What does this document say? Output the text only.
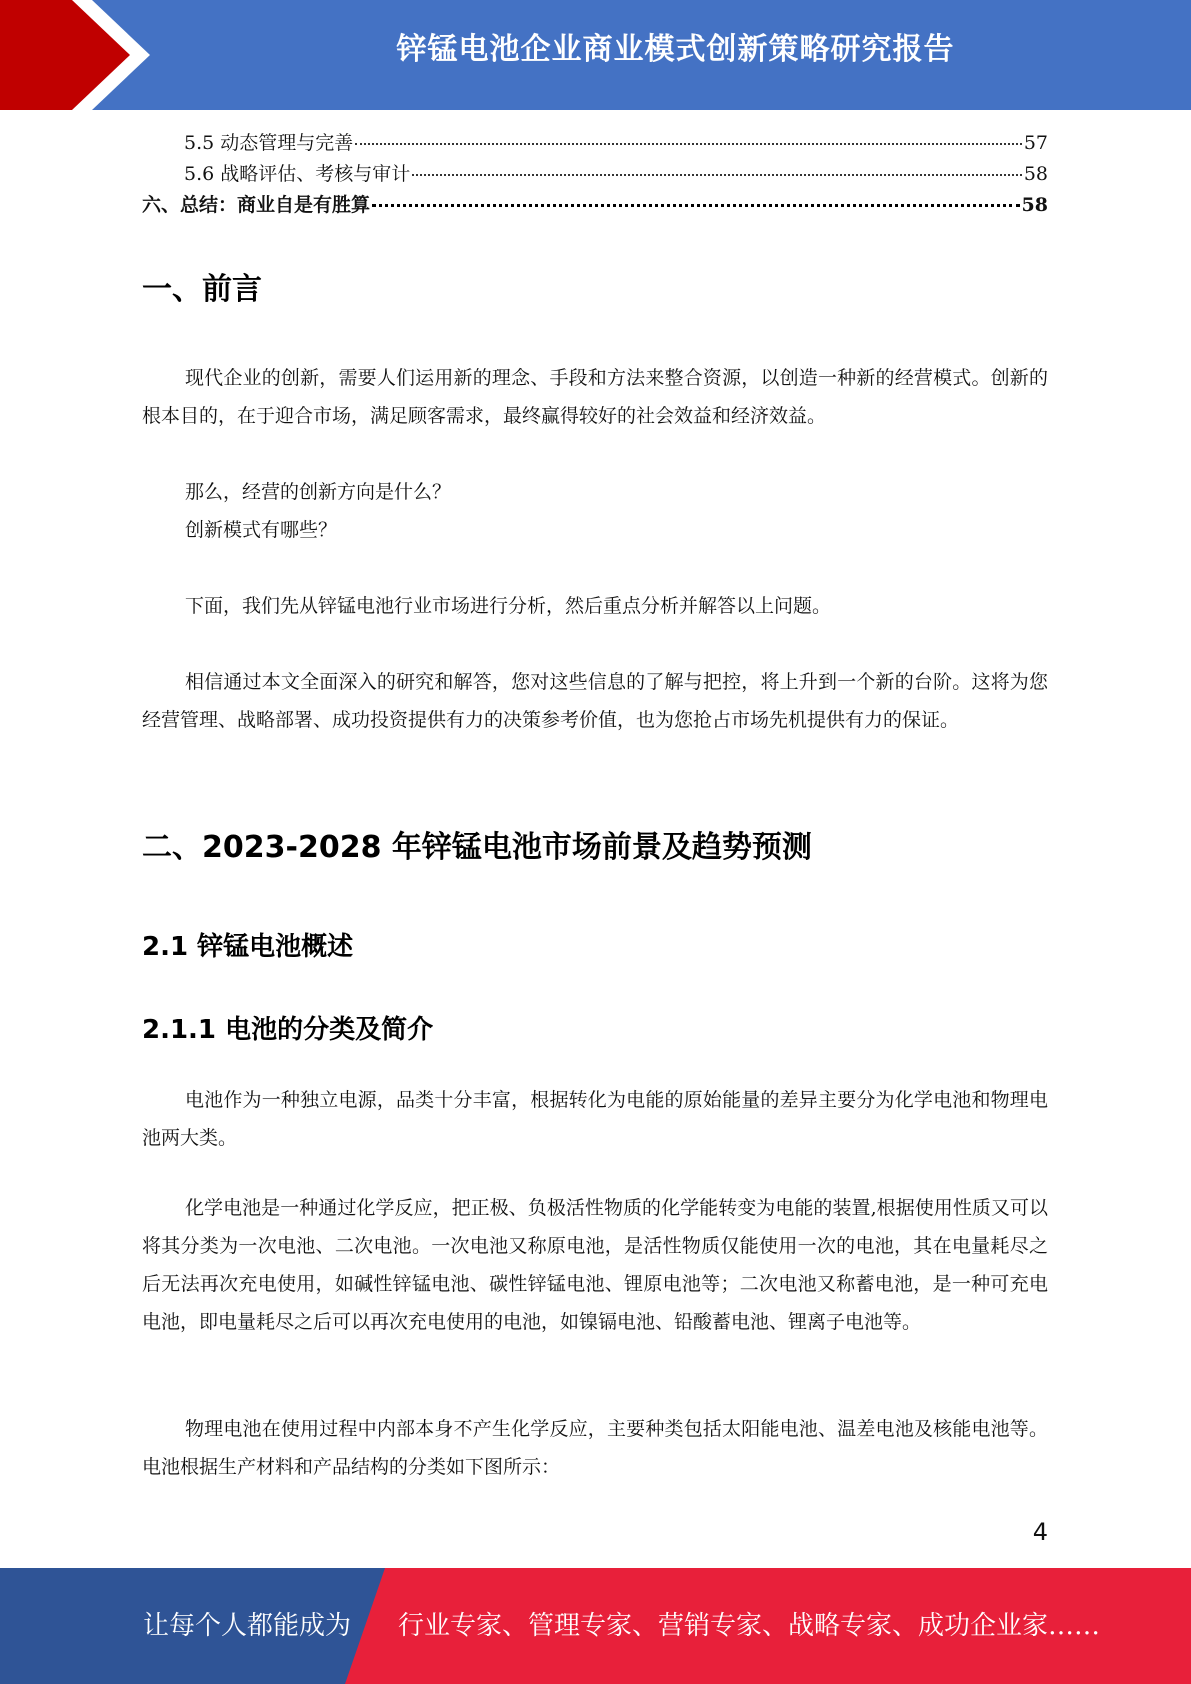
锌锰电池企业商业模式创新策略研究报告
5.5 动态管理与完善	57
5.6 战略评估、考核与审计	58
六、总结：商业自是有胜算	58
一、前言

现代企业的创新，需要人们运用新的理念、手段和方法来整合资源，以创造一种新的经营模式。创新的根本目的，在于迎合市场，满足顾客需求，最终赢得较好的社会效益和经济效益。

那么，经营的创新方向是什么？

创新模式有哪些？

下面，我们先从锌锰电池行业市场进行分析，然后重点分析并解答以上问题。

相信通过本文全面深入的研究和解答，您对这些信息的了解与把控，将上升到一个新的台阶。这将为您经营管理、战略部署、成功投资提供有力的决策参考价值，也为您抢占市场先机提供有力的保证。

二、2023-2028 年锌锰电池市场前景及趋势预测
2.1 锌锰电池概述
2.1.1 电池的分类及简介

电池作为一种独立电源，品类十分丰富，根据转化为电能的原始能量的差异主要分为化学电池和物理电池两大类。

化学电池是一种通过化学反应，把正极、负极活性物质的化学能转变为电能的装置,根据使用性质又可以将其分类为一次电池、二次电池。一次电池又称原电池，是活性物质仅能使用一次的电池，其在电量耗尽之后无法再次充电使用，如碱性锌锰电池、碳性锌锰电池、锂原电池等；二次电池又称蓄电池，是一种可充电电池，即电量耗尽之后可以再次充电使用的电池，如镍镉电池、铅酸蓄电池、锂离子电池等。

物理电池在使用过程中内部本身不产生化学反应，主要种类包括太阳能电池、温差电池及核能电池等。电池根据生产材料和产品结构的分类如下图所示：

4
让每个人都能成为 行业专家、管理专家、营销专家、战略专家、成功企业家……
